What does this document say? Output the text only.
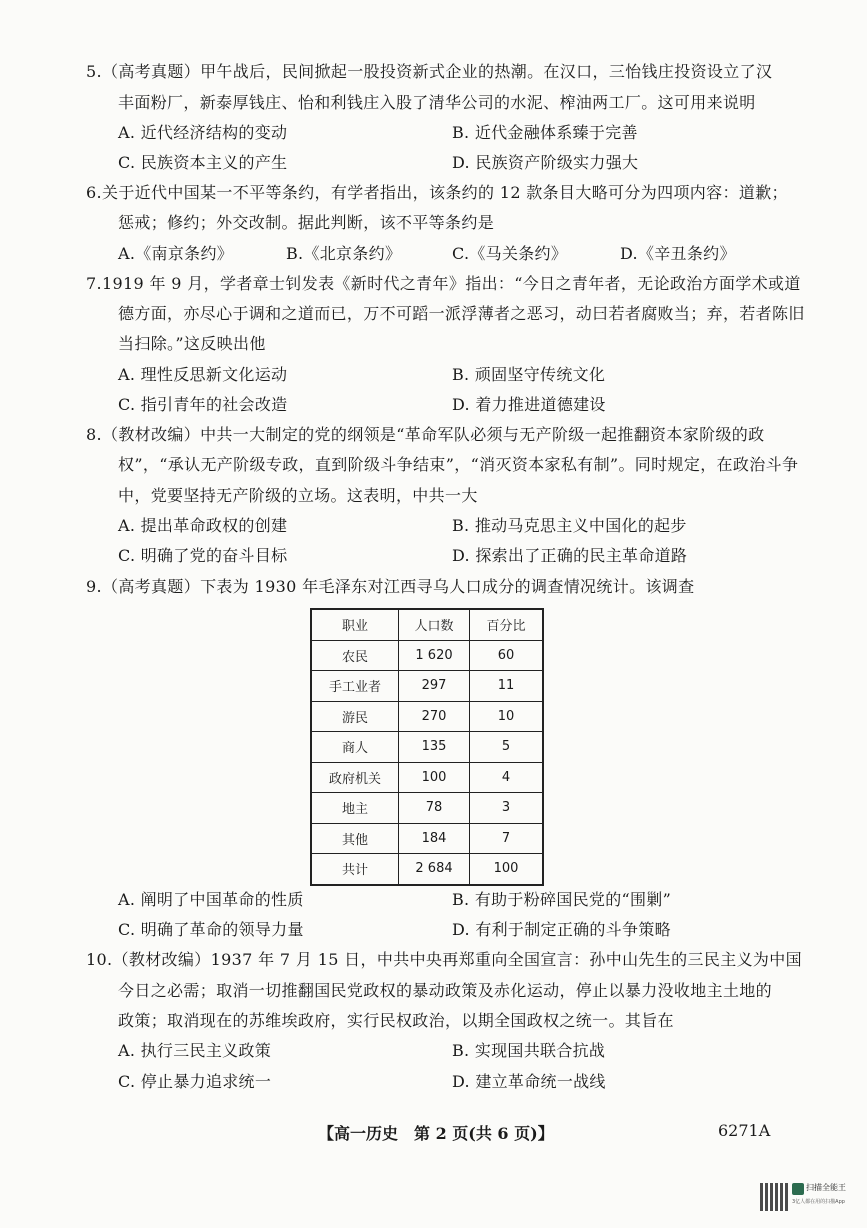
5.（高考真题）甲午战后，民间掀起一股投资新式企业的热潮。在汉口，三怡钱庄投资设立了汉
丰面粉厂，新泰厚钱庄、怡和利钱庄入股了清华公司的水泥、榨油两工厂。这可用来说明
A. 近代经济结构的变动	B. 近代金融体系臻于完善
C. 民族资本主义的产生	D. 民族资产阶级实力强大
6.关于近代中国某一不平等条约，有学者指出，该条约的 12 款条目大略可分为四项内容：道歉；
惩戒；修约；外交改制。据此判断，该不平等条约是
A.《南京条约》	B.《北京条约》	C.《马关条约》	D.《辛丑条约》
7.1919 年 9 月，学者章士钊发表《新时代之青年》指出：“今日之青年者，无论政治方面学术或道
德方面，亦尽心于调和之道而已，万不可蹈一派浮薄者之恶习，动曰若者腐败当；弃，若者陈旧
当扫除。”这反映出他
A. 理性反思新文化运动	B. 顽固坚守传统文化
C. 指引青年的社会改造	D. 着力推进道德建设
8.（教材改编）中共一大制定的党的纲领是“革命军队必须与无产阶级一起推翻资本家阶级的政
权”，“承认无产阶级专政，直到阶级斗争结束”，“消灭资本家私有制”。同时规定，在政治斗争
中，党要坚持无产阶级的立场。这表明，中共一大
A. 提出革命政权的创建	B. 推动马克思主义中国化的起步
C. 明确了党的奋斗目标	D. 探索出了正确的民主革命道路
9.（高考真题）下表为 1930 年毛泽东对江西寻乌人口成分的调查情况统计。该调查
职业	人口数	百分比
农民	1 620	60
手工业者	297	11
游民	270	10
商人	135	5
政府机关	100	4
地主	78	3
其他	184	7
共计	2 684	100
A. 阐明了中国革命的性质	B. 有助于粉碎国民党的“围剿”
C. 明确了革命的领导力量	D. 有利于制定正确的斗争策略
10.（教材改编）1937 年 7 月 15 日，中共中央再郑重向全国宣言：孙中山先生的三民主义为中国
今日之必需；取消一切推翻国民党政权的暴动政策及赤化运动，停止以暴力没收地主土地的
政策；取消现在的苏维埃政府，实行民权政治，以期全国政权之统一。其旨在
A. 执行三民主义政策	B. 实现国共联合抗战
C. 停止暴力追求统一	D. 建立革命统一战线
【高一历史　第 2 页(共 6 页)】	6271A
扫描全能王
3亿人都在用的扫描App
